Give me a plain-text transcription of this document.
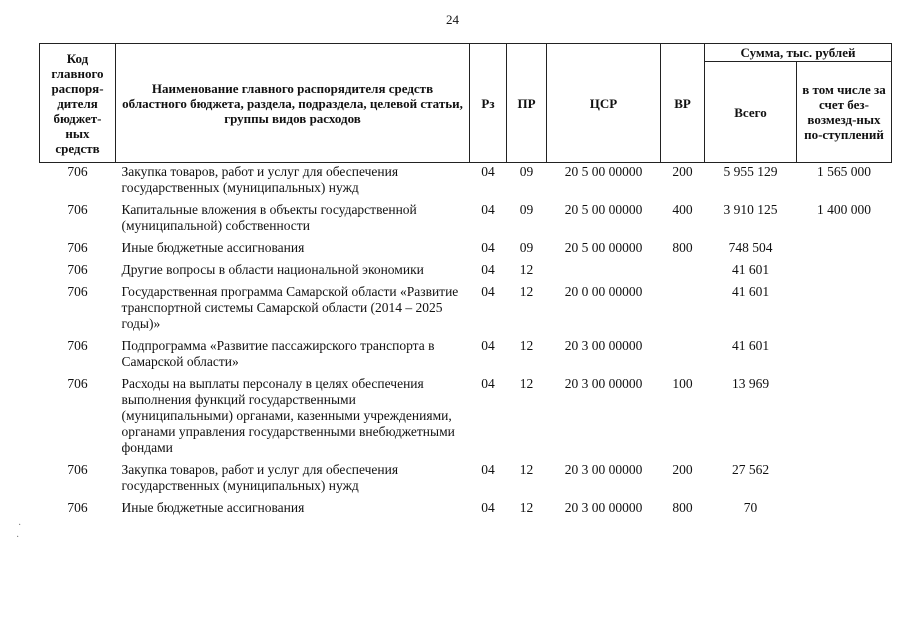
24
Код главного распоря-дителя бюджет-ных средств	Наименование главного распорядителя средств областного бюджета, раздела, подраздела, целевой статьи, группы видов расходов	Рз	ПР	ЦСР	ВР	Сумма, тыс. рублей	
						Всего	в том числе за счет без-возмезд-ных по-ступлений
706	Закупка товаров, работ и услуг для обеспечения государственных (муниципальных) нужд	04	09	20 5 00 00000	200	5 955 129	1 565 000
706	Капитальные вложения в объекты государственной (муниципальной) собственности	04	09	20 5 00 00000	400	3 910 125	1 400 000
706	Иные бюджетные ассигнования	04	09	20 5 00 00000	800	748 504	
706	Другие вопросы в области национальной экономики	04	12			41 601	
706	Государственная программа Самарской области «Развитие транспортной системы Самарской области (2014 – 2025 годы)»	04	12	20 0 00 00000		41 601	
706	Подпрограмма «Развитие пассажирского транспорта в Самарской области»	04	12	20 3 00 00000		41 601	
706	Расходы на выплаты персоналу в целях обеспечения выполнения функций государственными (муниципальными) органами, казенными учреждениями, органами управления государственными внебюджетными фондами	04	12	20 3 00 00000	100	13 969	
706	Закупка товаров, работ и услуг для обеспечения государственных (муниципальных) нужд	04	12	20 3 00 00000	200	27 562	
706	Иные бюджетные ассигнования	04	12	20 3 00 00000	800	70	
·
·
